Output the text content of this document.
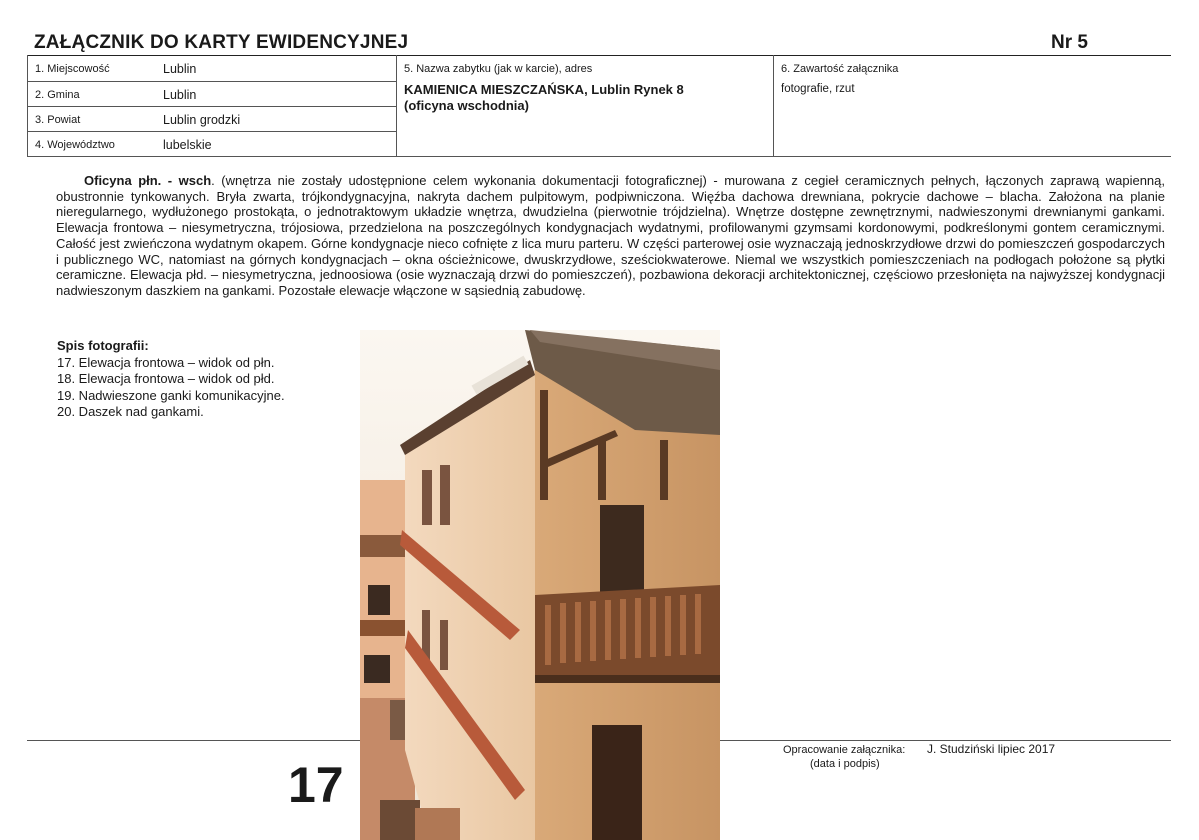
ZAŁĄCZNIK DO KARTY EWIDENCYJNEJ	Nr 5
1. Miejscowość	Lublin
2. Gmina	Lublin
3. Powiat	Lublin grodzki
4. Województwo	lubelskie
5. Nazwa zabytku (jak w karcie), adres
KAMIENICA MIESZCZAŃSKA, Lublin Rynek 8
(oficyna wschodnia)
6. Zawartość załącznika
fotografie, rzut
Oficyna płn. - wsch. (wnętrza nie zostały udostępnione celem wykonania dokumentacji fotograficznej) - murowana z cegieł ceramicznych pełnych, łączonych zaprawą wapienną, obustronnie tynkowanych. Bryła zwarta, trójkondygnacyjna, nakryta dachem pulpitowym, podpiwniczona. Więźba dachowa drewniana, pokrycie dachowe – blacha. Założona na planie nieregularnego, wydłużonego prostokąta, o jednotraktowym układzie wnętrza, dwudzielna (pierwotnie trójdzielna). Wnętrze dostępne zewnętrznymi, nadwieszonymi drewnianymi gankami. Elewacja frontowa – niesymetryczna, trójosiowa, przedzielona na poszczególnych kondygnacjach wydatnymi, profilowanymi gzymsami kordonowymi, podkreślonymi gontem ceramicznymi. Całość jest zwieńczona wydatnym okapem. Górne kondygnacje nieco cofnięte z lica muru parteru. W części parterowej osie wyznaczają jednoskrzydłowe drzwi do pomieszczeń gospodarczych i publicznego WC, natomiast na górnych kondygnacjach – okna ościeżnicowe, dwuskrzydłowe, sześciokwaterowe. Niemal we wszystkich pomieszczeniach na podłogach położone są płytki ceramiczne. Elewacja płd. – niesymetryczna, jednoosiowa (osie wyznaczają drzwi do pomieszczeń), pozbawiona dekoracji architektonicznej, częściowo przesłonięta na najwyższej kondygnacji nadwieszonym daszkiem na gankami. Pozostałe elewacje włączone w sąsiednią zabudowę.
Spis fotografii:
17. Elewacja frontowa – widok od płn.
18. Elewacja frontowa – widok od płd.
19. Nadwieszone ganki komunikacyjne.
20. Daszek nad gankami.
17
Opracowanie załącznika: J. Studziński lipiec 2017
(data i podpis)
